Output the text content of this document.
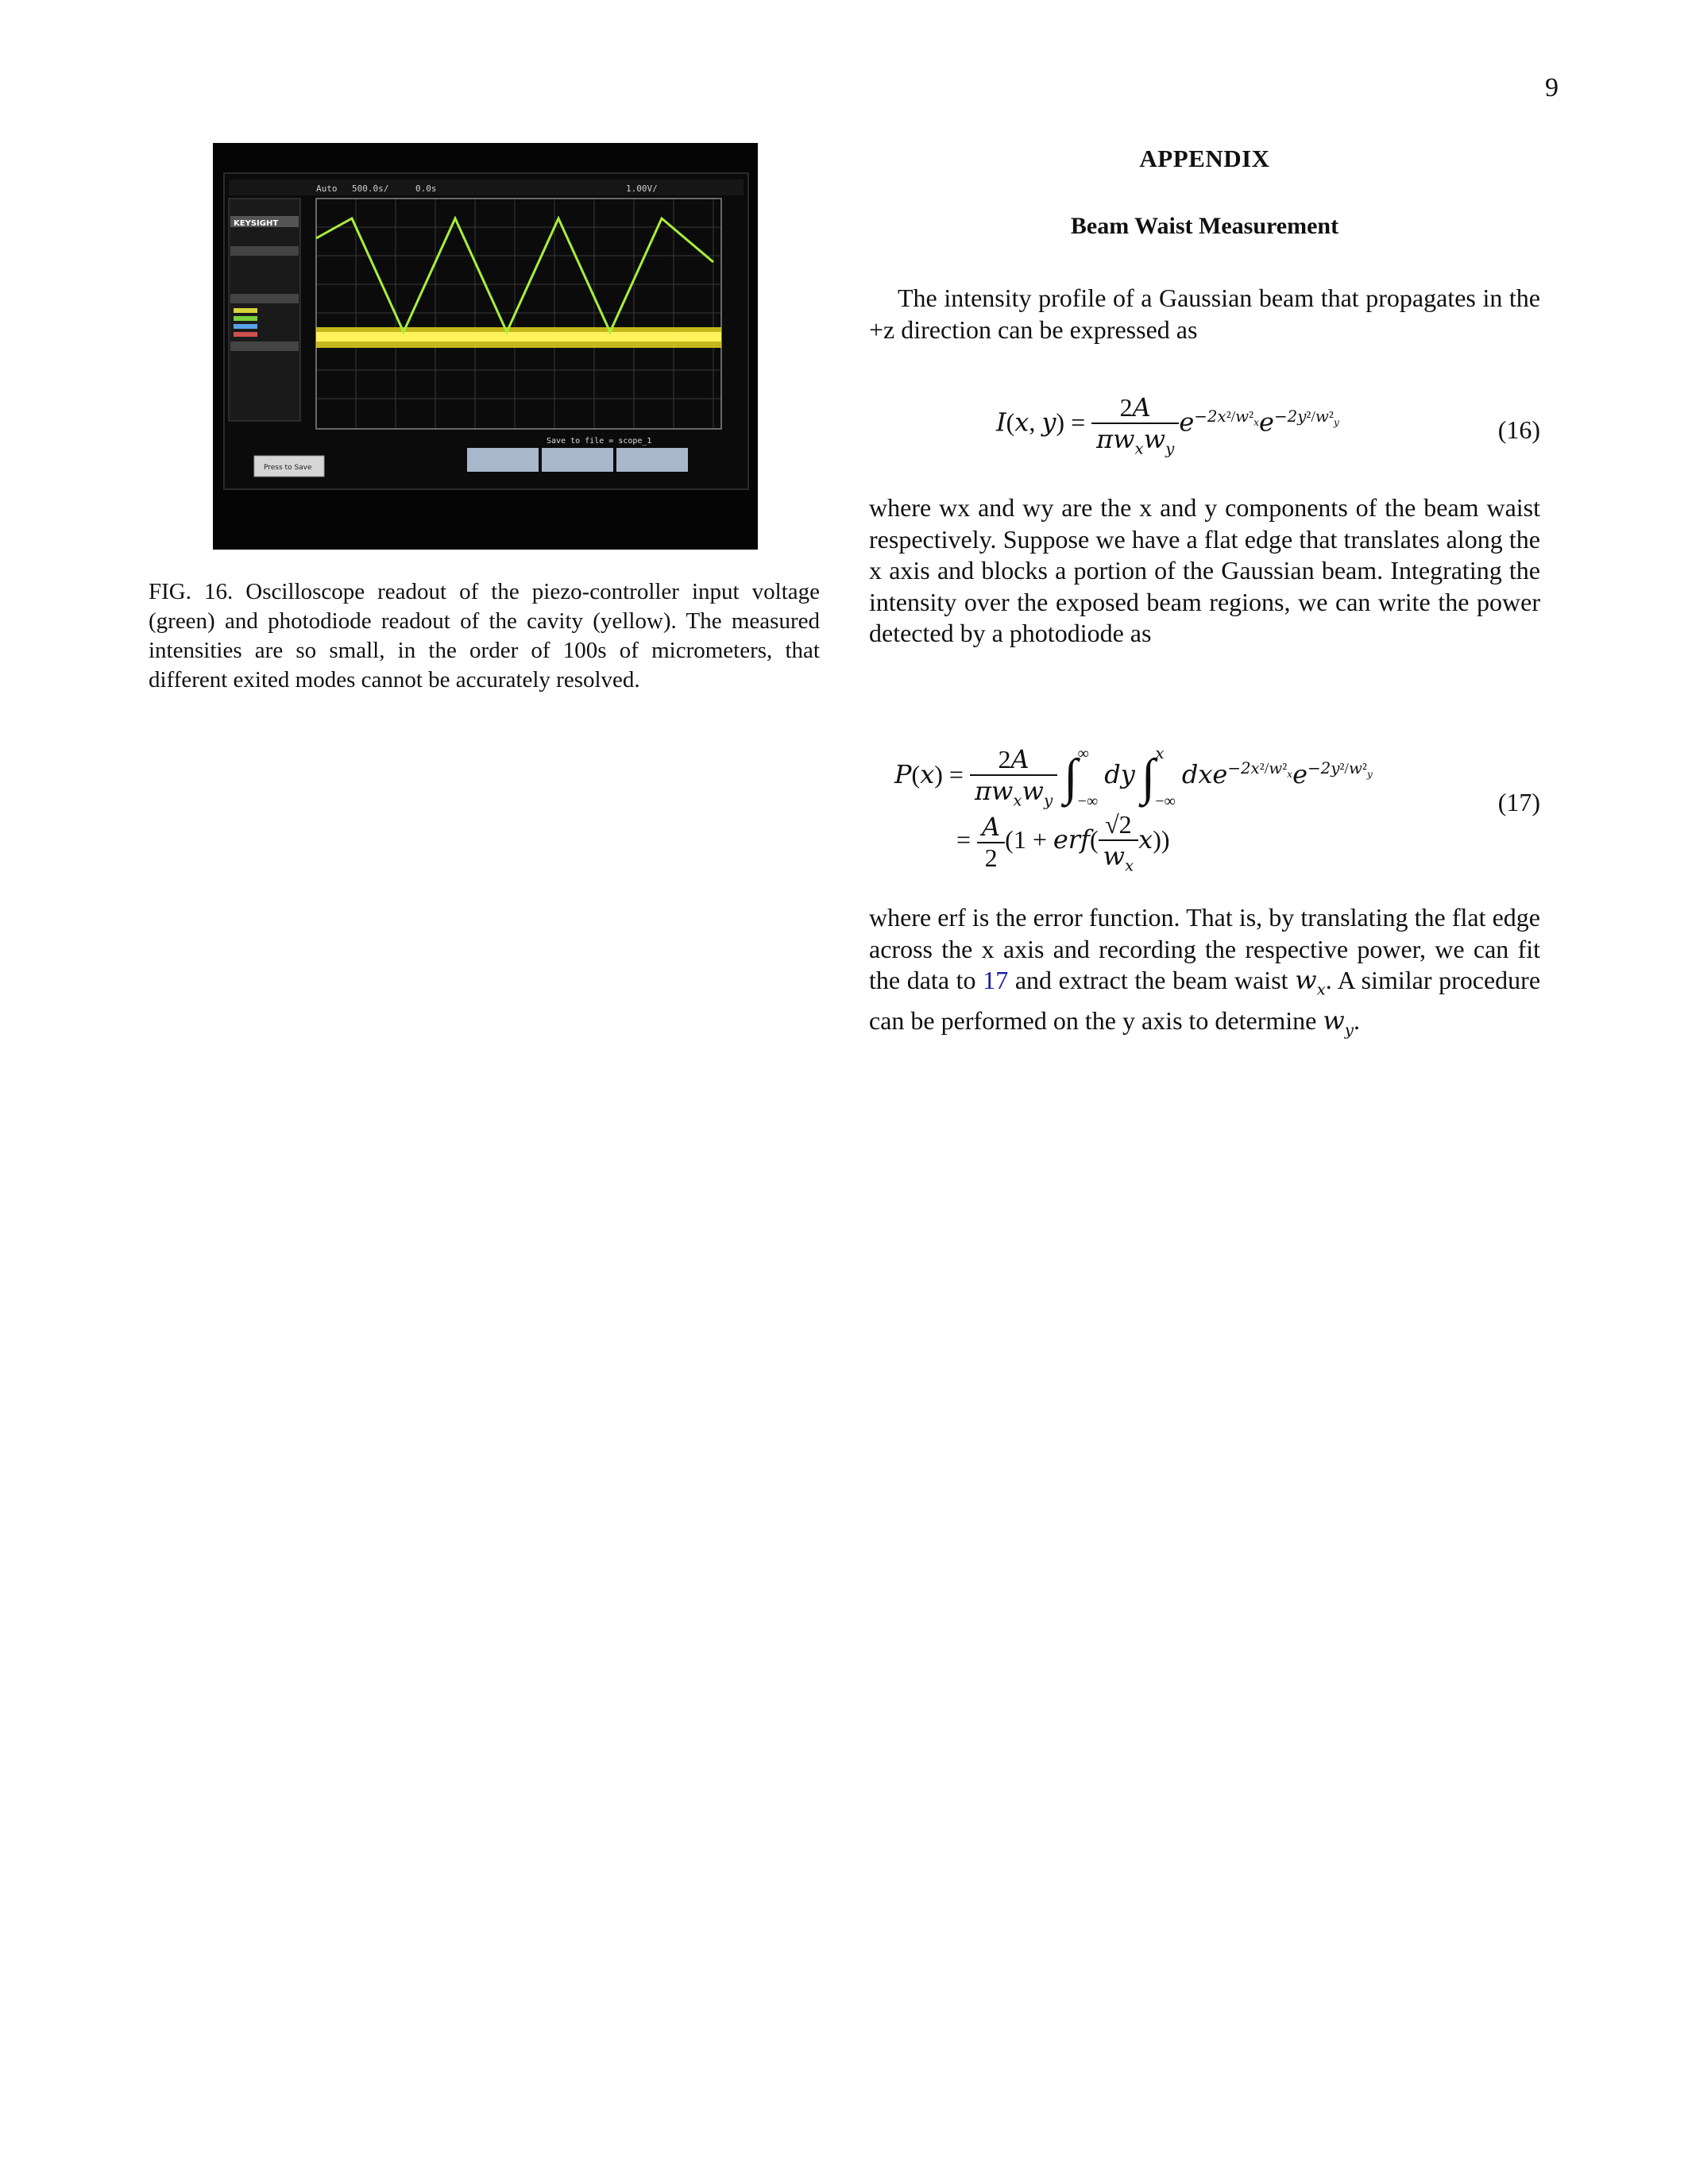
9
1.00V/
500.0s/	0.0s
Auto
KEYSIGHT
Press to Save
Save to file = scope_1
FIG. 16. Oscilloscope readout of the piezo-controller input voltage (green) and photodiode readout of the cavity (yellow). The measured intensities are so small, in the order of 100s of micrometers, that different exited modes cannot be accurately resolved.
APPENDIX
Beam Waist Measurement
The intensity profile of a Gaussian beam that propagates in the +z direction can be expressed as
I(x, $y) = \frac{2A}{\pi w_xw_y} e^{-2x^2/w^2_x}e^{-2y^2/w^2_y}$	(16)
where wx and wy are the x and y components of the beam waist respectively. Suppose we have a flat edge that translates along the x axis and blocks a portion of the Gaussian beam. Integrating the intensity over the exposed beam regions, we can write the power detected by a photodiode as
$P(x) = \frac{2A}{\pi w_xw_y}$ ∫∞
−∞ dy ∫x
−∞ $dxe^{-2x^2/w^2_x}e^{-2y^2/w^2_y}$
= $\frac{A}{2} (1 + erf( \frac{√2}{w_x} x))$
(17)
where erf is the error function. That is, by translating the flat edge across the x axis and recording the respective power, we can fit the data to 17 and extract the beam waist $w_x$. A similar procedure can be performed on the y axis to determine $w_y$.
